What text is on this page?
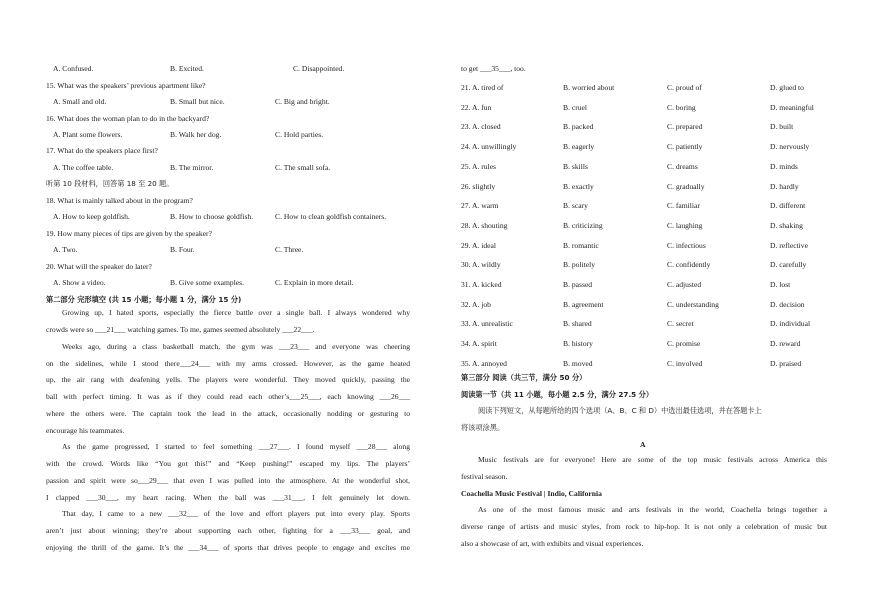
A. Confused.	B. Excited.	C. Disappointed.
15. What was the speakers’ previous apartment like?
A. Small and old.	B. Small but nice.	C. Big and bright.
16. What does the woman plan to do in the backyard?
A. Plant some flowers.	B. Walk her dog.	C. Hold parties.
17. What do the speakers place first?
A. The coffee table.	B. The mirror.	C. The small sofa.
听第 10 段材料，回答第 18 至 20 题。
18. What is mainly talked about in the program?
A. How to keep goldfish.	B. How to choose goldfish.	C. How to clean goldfish containers.
19. How many pieces of tips are given by the speaker?
A. Two.	B. Four.	C. Three.
20. What will the speaker do later?
A. Show a video.	B. Give some examples.	C. Explain in more detail.
第二部分 完形填空 (共 15 小题；每小题 1 分，满分 15 分)
Growing up, I hated sports, especially the fierce battle over a single ball. I always wondered why
crowds were so ___21___ watching games. To me, games seemed absolutely ___22___.
Weeks ago, during a class basketball match, the gym was ___23___ and everyone was cheering
on the sidelines, while I stood there___24___ with my arms crossed. However, as the game heated
up, the air rang with deafening yells. The players were wonderful. They moved quickly, passing the
ball with perfect timing. It was as if they could read each other’s___25___, each knowing ___26___
where the others were. The captain took the lead in the attack, occasionally nodding or gesturing to
encourage his teammates.
As the game progressed, I started to feel something ___27___. I found myself ___28___ along
with the crowd. Words like “You got this!” and “Keep pushing!” escaped my lips. The players’
passion and spirit were so___29___ that even I was pulled into the atmosphere. At the wonderful shot,
I clapped ___30___, my heart racing. When the ball was ___31___, I felt genuinely let down.
That day, I came to a new ___32___ of the love and effort players put into every play. Sports
aren’t just about winning; they’re about supporting each other, fighting for a ___33___ goal, and
enjoying the thrill of the game. It’s the ___34___ of sports that drives people to engage and excites me
to get ___35___, too.
21. A. tired of	B. worried about	C. proud of	D. glued to
22. A. fun	B. cruel	C. boring	D. meaningful
23. A. closed	B. packed	C. prepared	D. built
24. A. unwillingly	B. eagerly	C. patiently	D. nervously
25. A. rules	B. skills	C. dreams	D. minds
26. slightly	B. exactly	C. gradually	D. hardly
27. A. warm	B. scary	C. familiar	D. different
28. A. shouting	B. criticizing	C. laughing	D. shaking
29. A. ideal	B. romantic	C. infectious	D. reflective
30. A. wildly	B. politely	C. confidently	D. carefully
31. A. kicked	B. passed	C. adjusted	D. lost
32. A. job	B. agreement	C. understanding	D. decision
33. A. unrealistic	B. shared	C. secret	D. individual
34. A. spirit	B. history	C. promise	D. reward
35. A. annoyed	B. moved	C. involved	D. praised
第三部分 阅读（共三节，满分 50 分）
阅读第一节（共 11 小题，每小题 2.5 分，满分 27.5 分）
阅读下列短文，从每题所给的四个选项（A、B、C 和 D）中选出最佳选项，并在答题卡上
将该项涂黑。
A
Music festivals are for everyone! Here are some of the top music festivals across America this
festival season.
Coachella Music Festival | Indio, California
As one of the most famous music and arts festivals in the world, Coachella brings together a
diverse range of artists and music styles, from rock to hip-hop. It is not only a celebration of music but
also a showcase of art, with exhibits and visual experiences.
